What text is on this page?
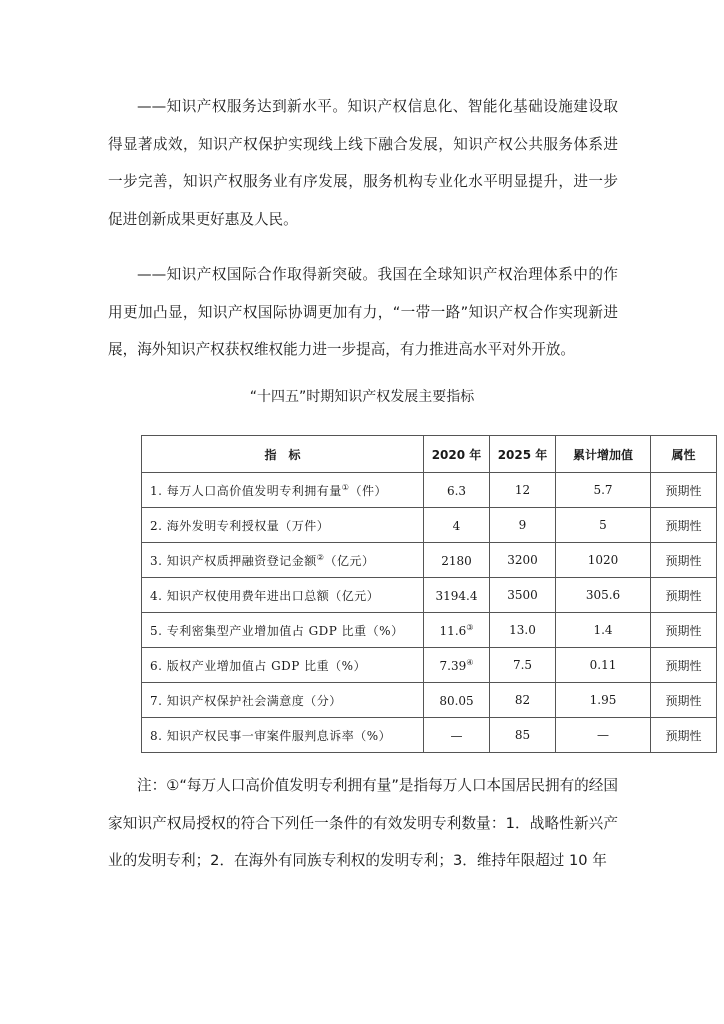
——知识产权服务达到新水平。知识产权信息化、智能化基础设施建设取得显著成效，知识产权保护实现线上线下融合发展，知识产权公共服务体系进一步完善，知识产权服务业有序发展，服务机构专业化水平明显提升，进一步促进创新成果更好惠及人民。

——知识产权国际合作取得新突破。我国在全球知识产权治理体系中的作用更加凸显，知识产权国际协调更加有力，“一带一路”知识产权合作实现新进展，海外知识产权获权维权能力进一步提高，有力推进高水平对外开放。

“十四五”时期知识产权发展主要指标

指　标	2020 年	2025 年	累计增加值	属性
1. 每万人口高价值发明专利拥有量①（件）	6.3	12	5.7	预期性
2. 海外发明专利授权量（万件）	4	9	5	预期性
3. 知识产权质押融资登记金额②（亿元）	2180	3200	1020	预期性
4. 知识产权使用费年进出口总额（亿元）	3194.4	3500	305.6	预期性
5. 专利密集型产业增加值占 GDP 比重（%）	11.6③	13.0	1.4	预期性
6. 版权产业增加值占 GDP 比重（%）	7.39④	7.5	0.11	预期性
7. 知识产权保护社会满意度（分）	80.05	82	1.95	预期性
8. 知识产权民事一审案件服判息诉率（%）	—	85	—	预期性

注：①“每万人口高价值发明专利拥有量”是指每万人口本国居民拥有的经国家知识产权局授权的符合下列任一条件的有效发明专利数量：1．战略性新兴产业的发明专利；2．在海外有同族专利权的发明专利；3．维持年限超过 10 年
